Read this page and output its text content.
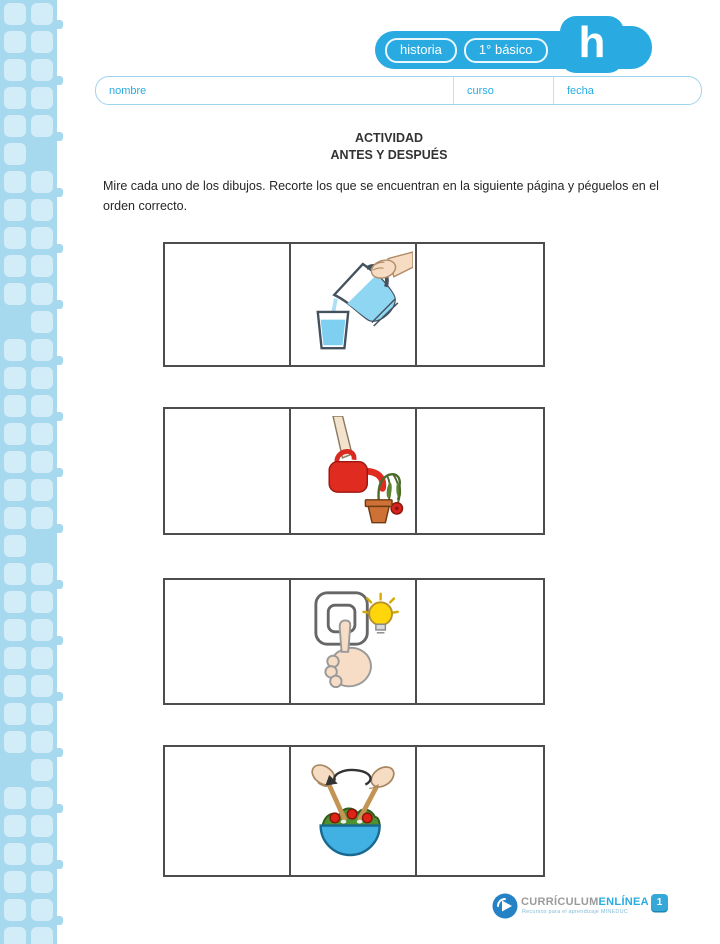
historia	1° básico	h
nombre	curso	fecha
ACTIVIDAD
ANTES Y DESPUÉS

Mire cada uno de los dibujos. Recorte los que se encuentran en la siguiente página y péguelos en el orden correcto.

CURRÍCULUMENLÍNEA
Recursos para el aprendizaje MINEDUC
1
